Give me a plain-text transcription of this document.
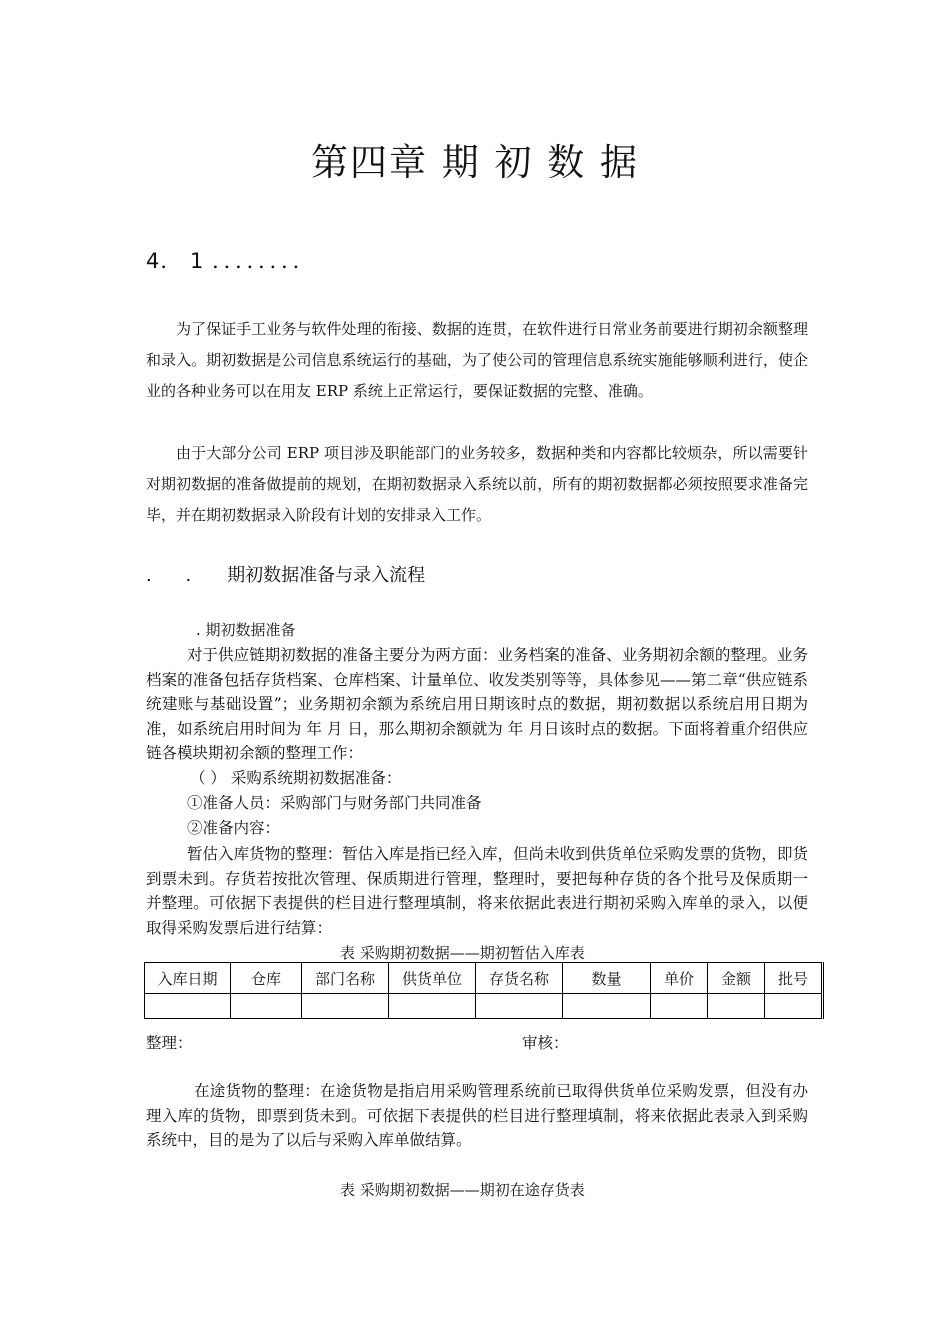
第四章 期 初 数 据
4． 1 ．．．．．．．．
为了保证手工业务与软件处理的衔接、数据的连贯，在软件进行日常业务前要进行期初余额整理和录入。期初数据是公司信息系统运行的基础，为了使公司的管理信息系统实施能够顺利进行，使企业的各种业务可以在用友 ERP 系统上正常运行，要保证数据的完整、准确。
由于大部分公司 ERP 项目涉及职能部门的业务较多，数据种类和内容都比较烦杂，所以需要针对期初数据的准备做提前的规划，在期初数据录入系统以前，所有的期初数据都必须按照要求准备完毕，并在期初数据录入阶段有计划的安排录入工作。
. . 期初数据准备与录入流程
. 期初数据准备
对于供应链期初数据的准备主要分为两方面：业务档案的准备、业务期初余额的整理。业务档案的准备包括存货档案、仓库档案、计量单位、收发类别等等，具体参见——第二章“供应链系统建账与基础设置”；业务期初余额为系统启用日期该时点的数据，期初数据以系统启用日期为准，如系统启用时间为 年 月 日，那么期初余额就为 年 月日该时点的数据。下面将着重介绍供应链各模块期初余额的整理工作：
（ ） 采购系统期初数据准备：
①准备人员：采购部门与财务部门共同准备
②准备内容：
暂估入库货物的整理：暂估入库是指已经入库，但尚未收到供货单位采购发票的货物，即货到票未到。存货若按批次管理、保质期进行管理，整理时，要把每种存货的各个批号及保质期一并整理。可依据下表提供的栏目进行整理填制，将来依据此表进行期初采购入库单的录入，以便取得采购发票后进行结算：
表 采购期初数据——期初暂估入库表
入库日期	仓库	部门名称	供货单位	存货名称	数量	单价	金额	批号

整理：	审核：
在途货物的整理：在途货物是指启用采购管理系统前已取得供货单位采购发票，但没有办理入库的货物，即票到货未到。可依据下表提供的栏目进行整理填制，将来依据此表录入到采购系统中，目的是为了以后与采购入库单做结算。
表 采购期初数据——期初在途存货表
